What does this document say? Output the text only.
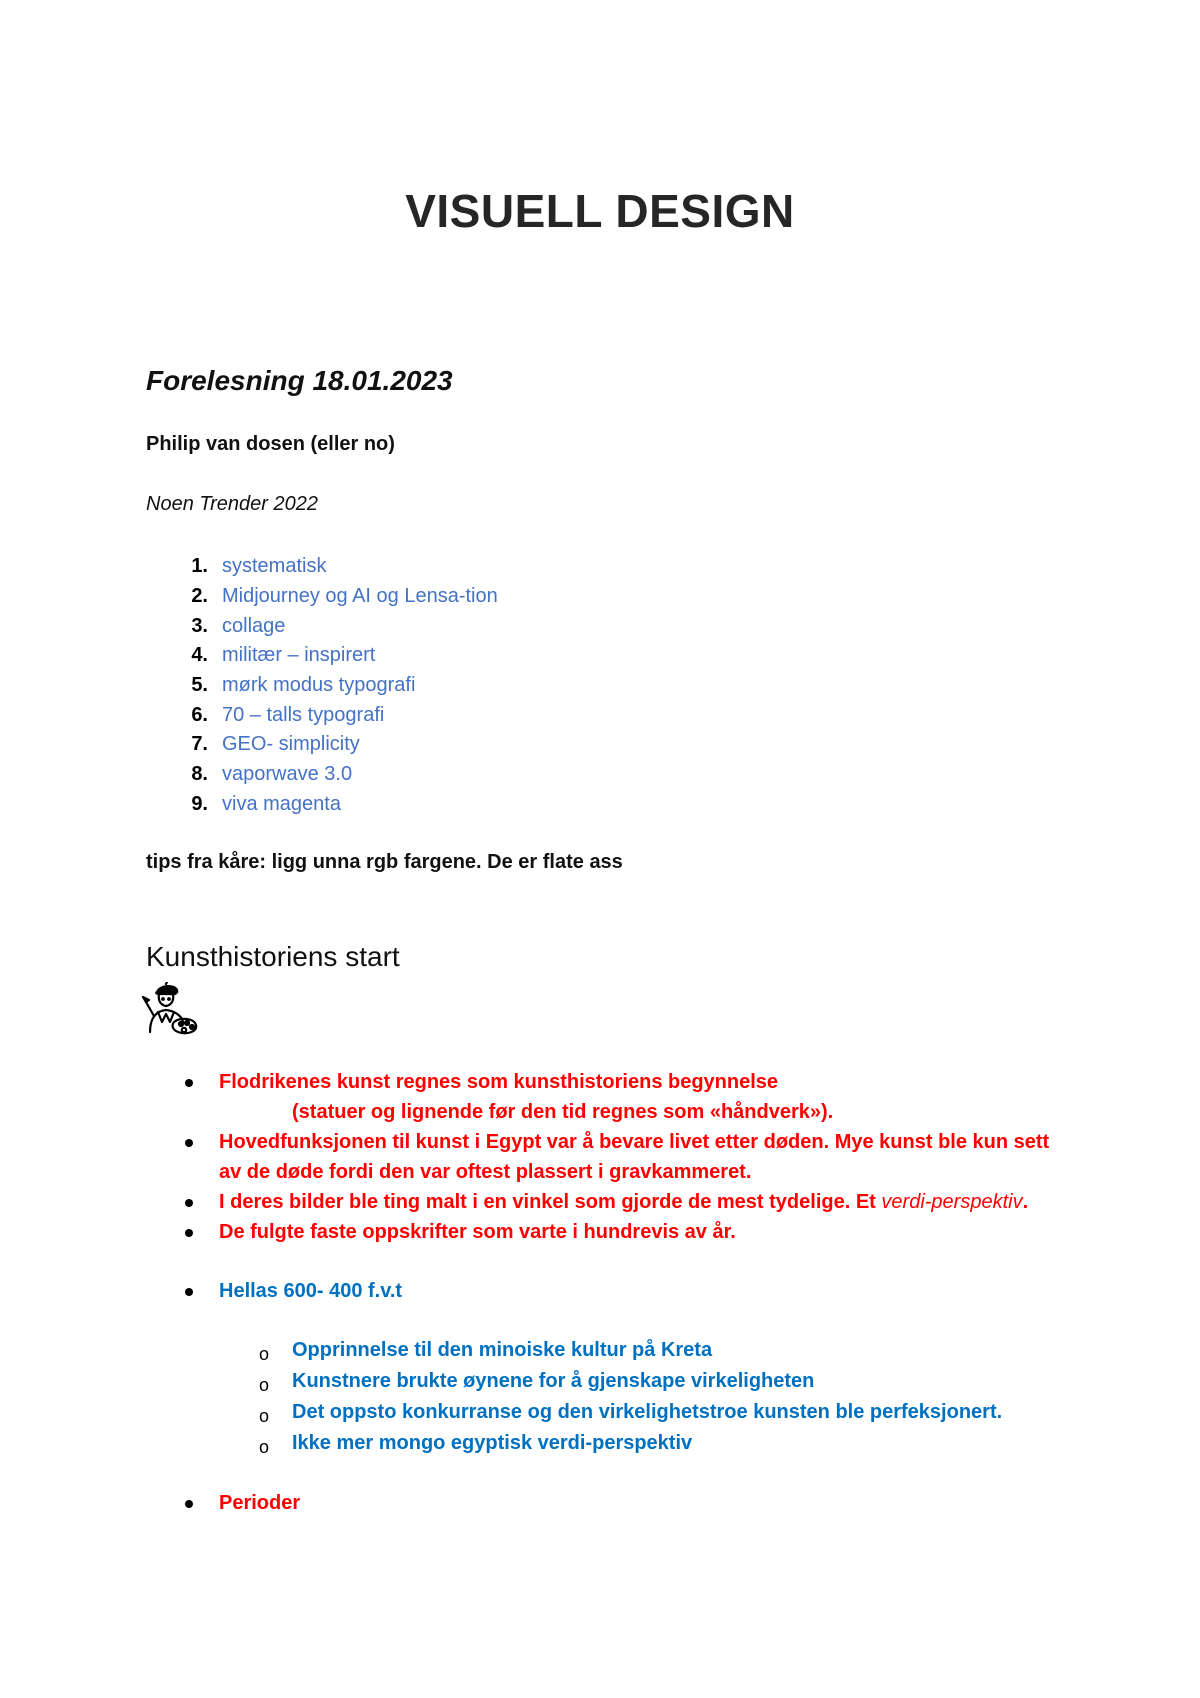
VISUELL DESIGN
Forelesning 18.01.2023
Philip van dosen (eller no)
Noen Trender 2022
1. systematisk
2. Midjourney og AI og Lensa-tion
3. collage
4. militær – inspirert
5. mørk modus typografi
6. 70 – talls typografi
7. GEO- simplicity
8. vaporwave 3.0
9. viva magenta
tips fra kåre: ligg unna rgb fargene. De er flate ass
Kunsthistoriens start
Flodrikenes kunst regnes som kunsthistoriens begynnelse
(statuer og lignende før den tid regnes som «håndverk»).
Hovedfunksjonen til kunst i Egypt var å bevare livet etter døden. Mye kunst ble kun sett av de døde fordi den var oftest plassert i gravkammeret.
I deres bilder ble ting malt i en vinkel som gjorde de mest tydelige. Et verdi-perspektiv.
De fulgte faste oppskrifter som varte i hundrevis av år.
Hellas 600- 400 f.v.t
o Opprinnelse til den minoiske kultur på Kreta
o Kunstnere brukte øynene for å gjenskape virkeligheten
o Det oppsto konkurranse og den virkelighetstroe kunsten ble perfeksjonert.
o Ikke mer mongo egyptisk verdi-perspektiv
Perioder
